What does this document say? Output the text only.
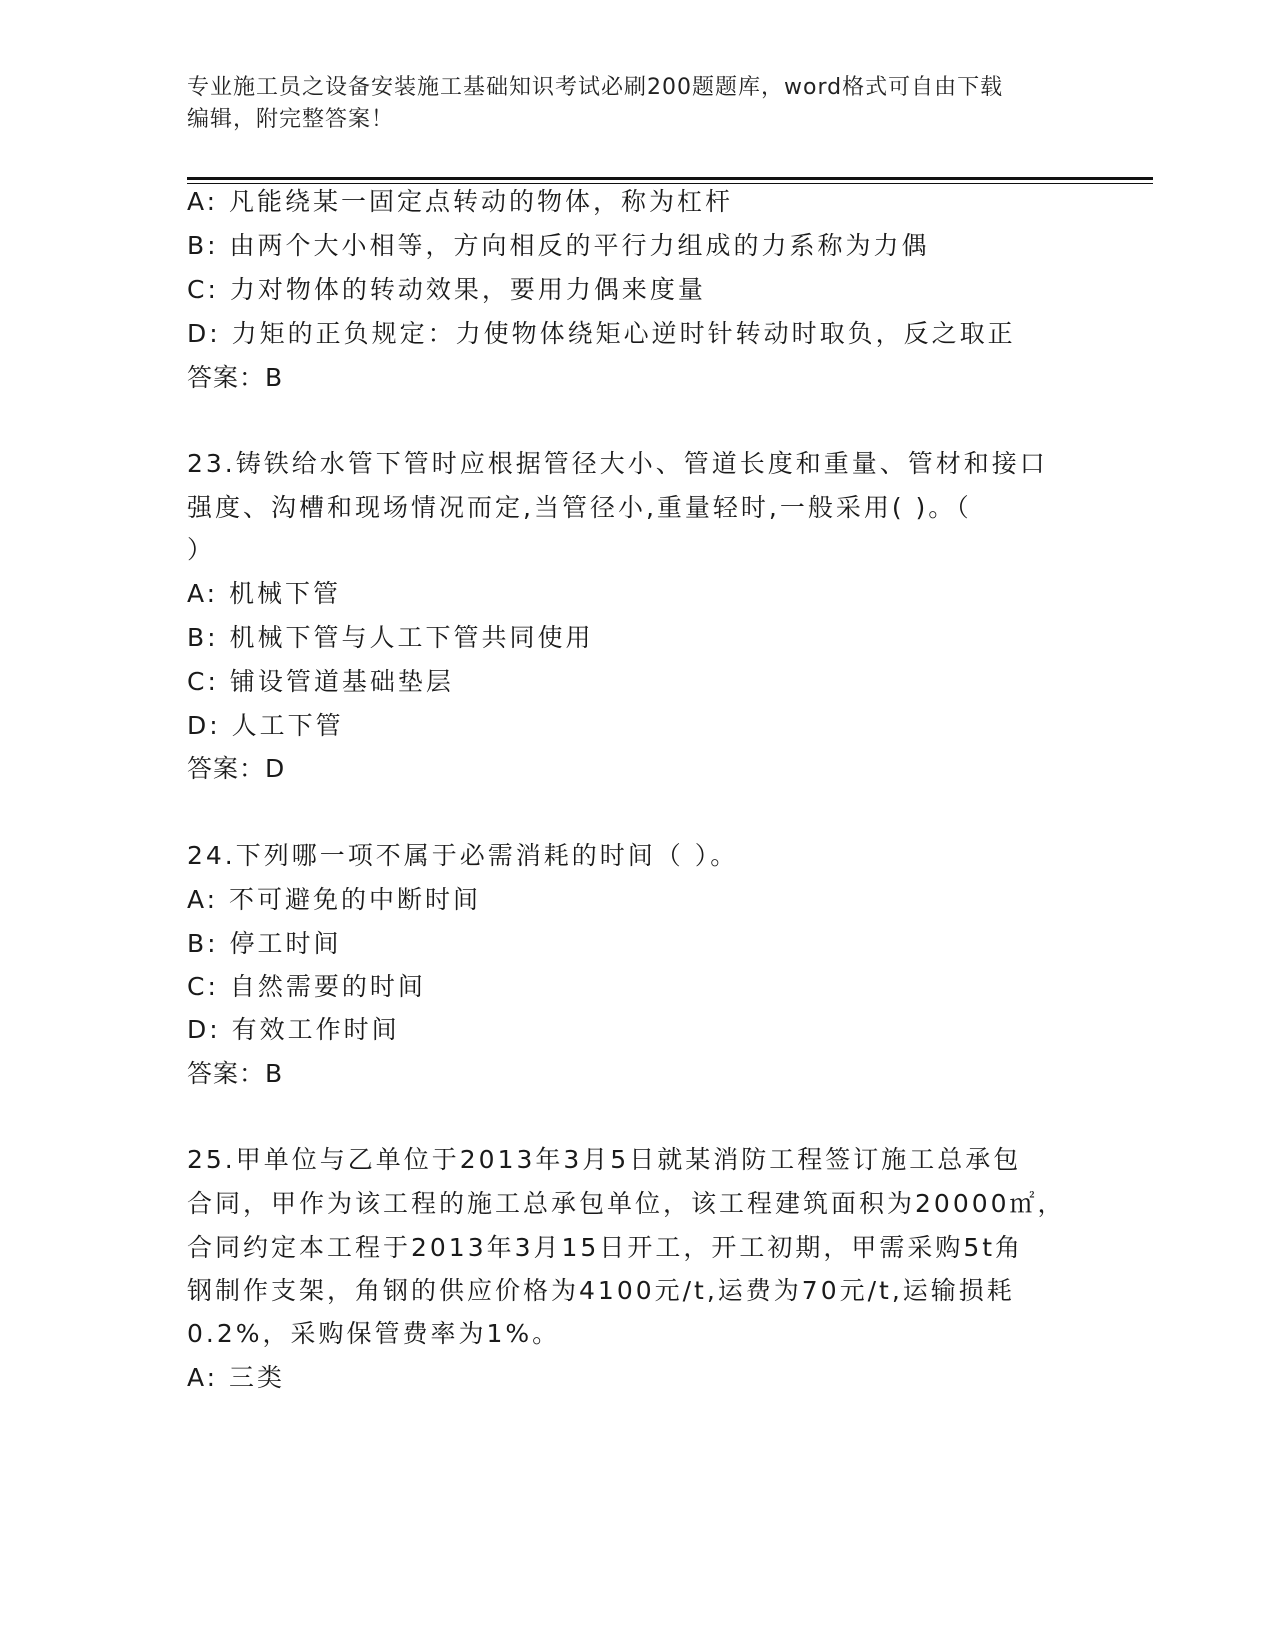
专业施工员之设备安装施工基础知识考试必刷200题题库，word格式可自由下载
编辑，附完整答案！
A: 凡能绕某一固定点转动的物体，称为杠杆
B: 由两个大小相等，方向相反的平行力组成的力系称为力偶
C: 力对物体的转动效果，要用力偶来度量
D: 力矩的正负规定：力使物体绕矩心逆时针转动时取负，反之取正
答案：B
23.铸铁给水管下管时应根据管径大小、管道长度和重量、管材和接口
强度、沟槽和现场情况而定,当管径小,重量轻时,一般采用( )。（
）
A: 机械下管
B: 机械下管与人工下管共同使用
C: 铺设管道基础垫层
D: 人工下管
答案：D
24.下列哪一项不属于必需消耗的时间（ ）。
A: 不可避免的中断时间
B: 停工时间
C: 自然需要的时间
D: 有效工作时间
答案：B
25.甲单位与乙单位于2013年3月5日就某消防工程签订施工总承包
合同，甲作为该工程的施工总承包单位，该工程建筑面积为20000㎡，
合同约定本工程于2013年3月15日开工，开工初期，甲需采购5t角
钢制作支架，角钢的供应价格为4100元/t,运费为70元/t,运输损耗
0.2%，采购保管费率为1%。
A: 三类
